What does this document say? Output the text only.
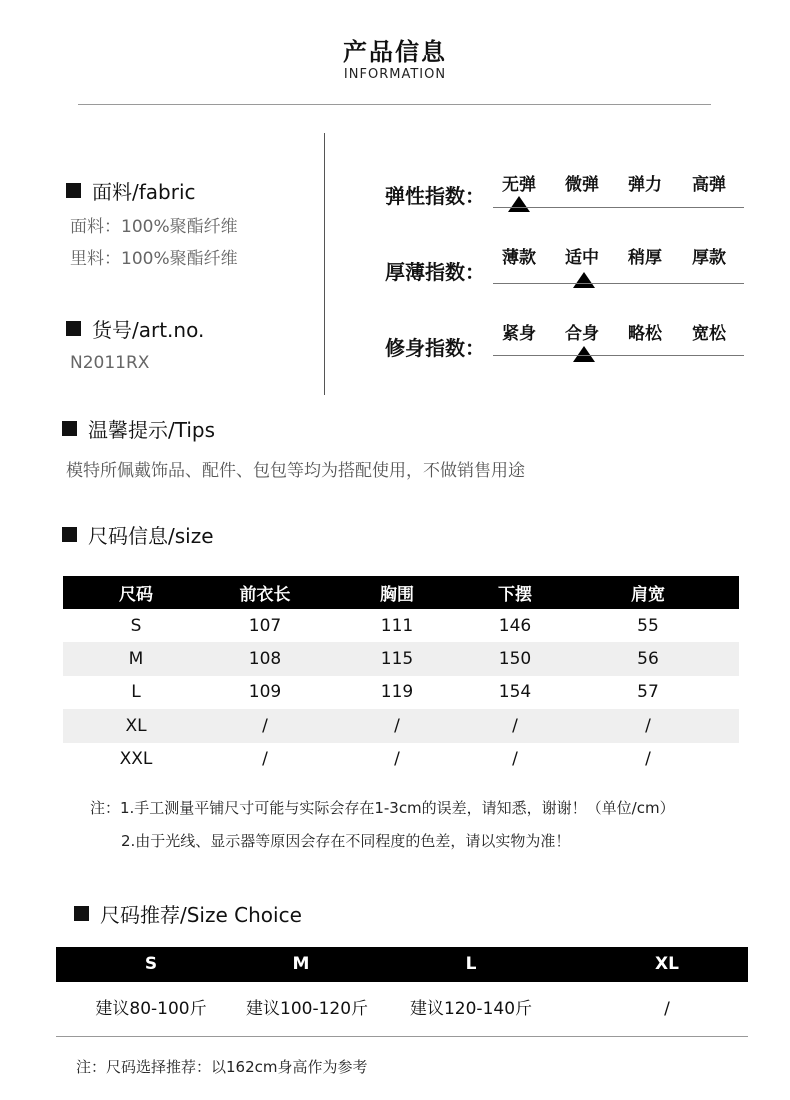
产品信息
INFORMATION
面料/fabric
面料：100%聚酯纤维
里料：100%聚酯纤维
货号/art.no.
N2011RX
弹性指数：	无弹	微弹	弹力	高弹
厚薄指数：
薄款	适中	稍厚	厚款
修身指数：
紧身	合身	略松	宽松
温馨提示/Tips
模特所佩戴饰品、配件、包包等均为搭配使用，不做销售用途
尺码信息/size
尺码	前衣长	胸围	下摆	肩宽
S	107	111	146	55
M	108	115	150	56
L	109	119	154	57
XL	/	/	/	/
XXL	/	/	/	/
注：1.手工测量平铺尺寸可能与实际会存在1-3cm的误差，请知悉，谢谢！（单位/cm）
2.由于光线、显示器等原因会存在不同程度的色差，请以实物为准！
尺码推荐/Size Choice
S	M	L	XL
建议80-100斤	建议100-120斤	建议120-140斤	/
注：尺码选择推荐：以162cm身高作为参考
